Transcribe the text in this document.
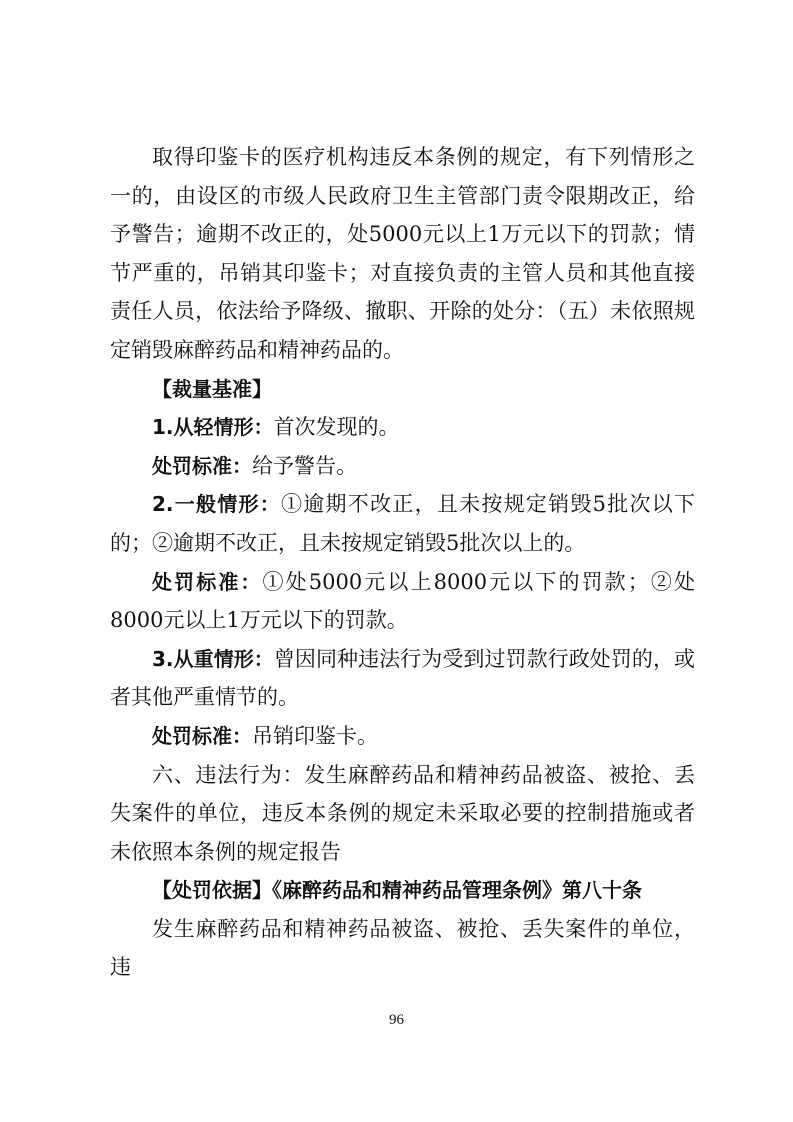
取得印鉴卡的医疗机构违反本条例的规定，有下列情形之一的，由设区的市级人民政府卫生主管部门责令限期改正，给予警告；逾期不改正的，处5000元以上1万元以下的罚款；情节严重的，吊销其印鉴卡；对直接负责的主管人员和其他直接责任人员，依法给予降级、撤职、开除的处分：（五）未依照规定销毁麻醉药品和精神药品的。

【裁量基准】

1.从轻情形：首次发现的。

处罚标准：给予警告。

2.一般情形：①逾期不改正，且未按规定销毁5批次以下的；②逾期不改正，且未按规定销毁5批次以上的。

处罚标准：①处5000元以上8000元以下的罚款；②处8000元以上1万元以下的罚款。

3.从重情形：曾因同种违法行为受到过罚款行政处罚的，或者其他严重情节的。

处罚标准：吊销印鉴卡。

六、违法行为：发生麻醉药品和精神药品被盗、被抢、丢失案件的单位，违反本条例的规定未采取必要的控制措施或者未依照本条例的规定报告

【处罚依据】《麻醉药品和精神药品管理条例》第八十条

发生麻醉药品和精神药品被盗、被抢、丢失案件的单位，违

96
